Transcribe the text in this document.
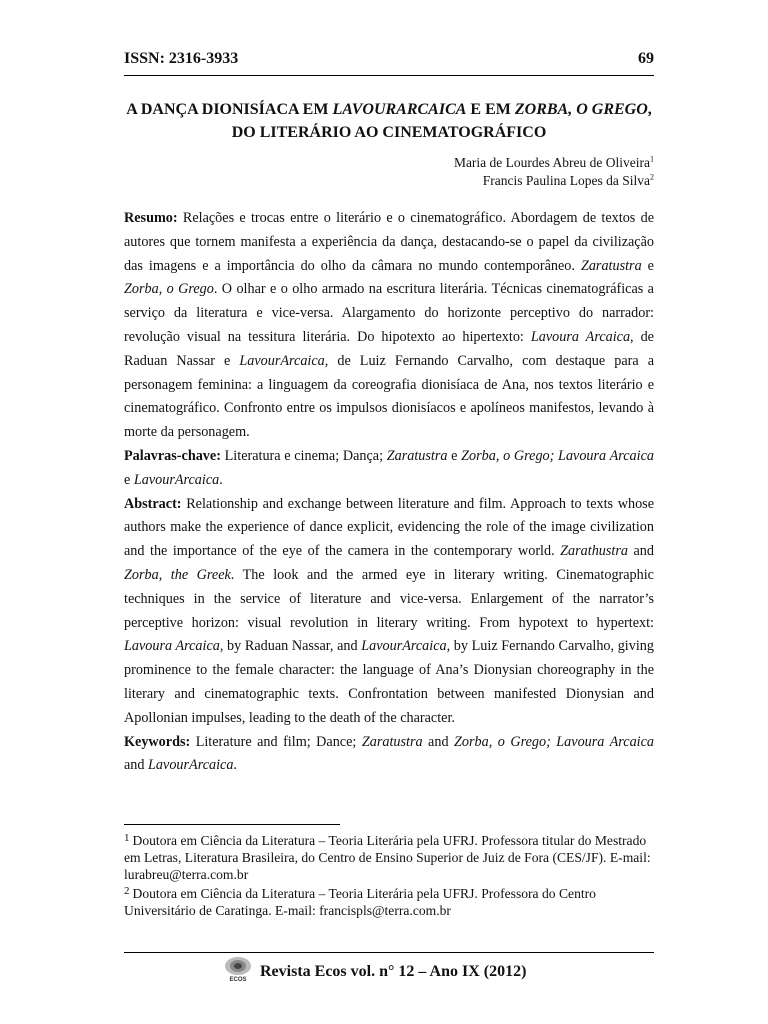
ISSN: 2316-3933	69
A DANÇA DIONISÍACA EM LAVOURARCAICA E EM ZORBA, O GREGO, DO LITERÁRIO AO CINEMATOGRÁFICO
Maria de Lourdes Abreu de Oliveira$^1$
Francis Paulina Lopes da Silva$^2$

Resumo: Relações e trocas entre o literário e o cinematográfico. Abordagem de textos de autores que tornem manifesta a experiência da dança, destacando-se o papel da civilização das imagens e a importância do olho da câmara no mundo contemporâneo. Zaratustra e Zorba, o Grego. O olhar e o olho armado na escritura literária. Técnicas cinematográficas a serviço da literatura e vice-versa. Alargamento do horizonte perceptivo do narrador: revolução visual na tessitura literária. Do hipotexto ao hipertexto: Lavoura Arcaica, de Raduan Nassar e LavourArcaica, de Luiz Fernando Carvalho, com destaque para a personagem feminina: a linguagem da coreografia dionisíaca de Ana, nos textos literário e cinematográfico. Confronto entre os impulsos dionisíacos e apolíneos manifestos, levando à morte da personagem.

Palavras-chave: Literatura e cinema; Dança; Zaratustra e Zorba, o Grego; Lavoura Arcaica e LavourArcaica.

Abstract: Relationship and exchange between literature and film. Approach to texts whose authors make the experience of dance explicit, evidencing the role of the image civilization and the importance of the eye of the camera in the contemporary world. Zarathustra and Zorba, the Greek. The look and the armed eye in literary writing. Cinematographic techniques in the service of literature and vice-versa. Enlargement of the narrator’s perceptive horizon: visual revolution in literary writing. From hypotext to hypertext: Lavoura Arcaica, by Raduan Nassar, and LavourArcaica, by Luiz Fernando Carvalho, giving prominence to the female character: the language of Ana’s Dionysian choreography in the literary and cinematographic texts. Confrontation between manifested Dionysian and Apollonian impulses, leading to the death of the character.

Keywords: Literature and film; Dance; Zaratustra and Zorba, o Grego; Lavoura Arcaica and LavourArcaica.

$^1$ Doutora em Ciência da Literatura – Teoria Literária pela UFRJ. Professora titular do Mestrado em Letras, Literatura Brasileira, do Centro de Ensino Superior de Juiz de Fora (CES/JF). E-mail: lurabreu@terra.com.br

$^2$ Doutora em Ciência da Literatura – Teoria Literária pela UFRJ. Professora do Centro Universitário de Caratinga. E-mail: francispls@terra.com.br

ECOS Revista Ecos vol. n° 12 – Ano IX (2012)
